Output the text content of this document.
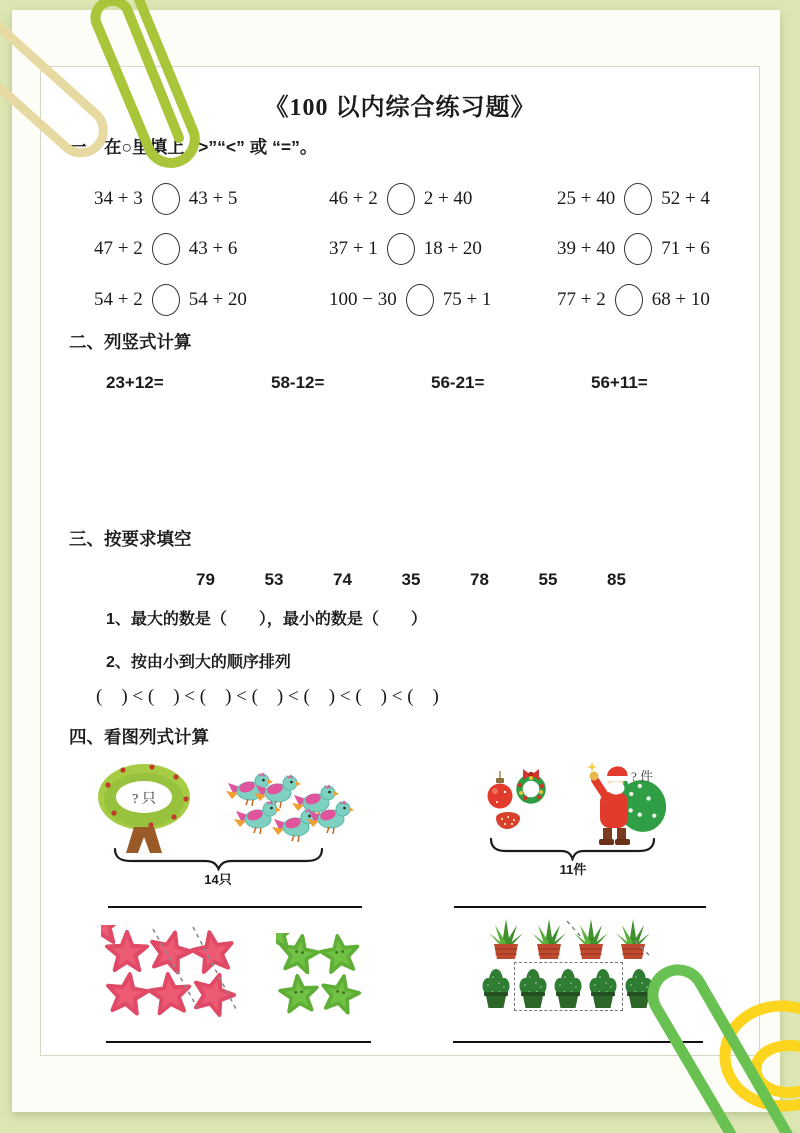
《100 以内综合练习题》
一、在○里填上 “>”“<” 或 “=”。
34 + 3 43 + 5	46 + 2 2 + 40	25 + 40 52 + 4
47 + 2 43 + 6	37 + 1 18 + 20	39 + 40 71 + 6
54 + 2 54 + 20	100 − 30 75 + 1	77 + 2 68 + 10
二、列竖式计算
23+12=	58-12=	56-21=	56+11=
三、按要求填空
79	53	74	35	78	55	85
1、最大的数是（　　），最小的数是（　　）
2、按由小到大的顺序排列
(    ) < (    ) < (    ) < (    ) < (    ) < (    ) < (    )
四、看图列式计算
? 只
14只
? 件
11件
